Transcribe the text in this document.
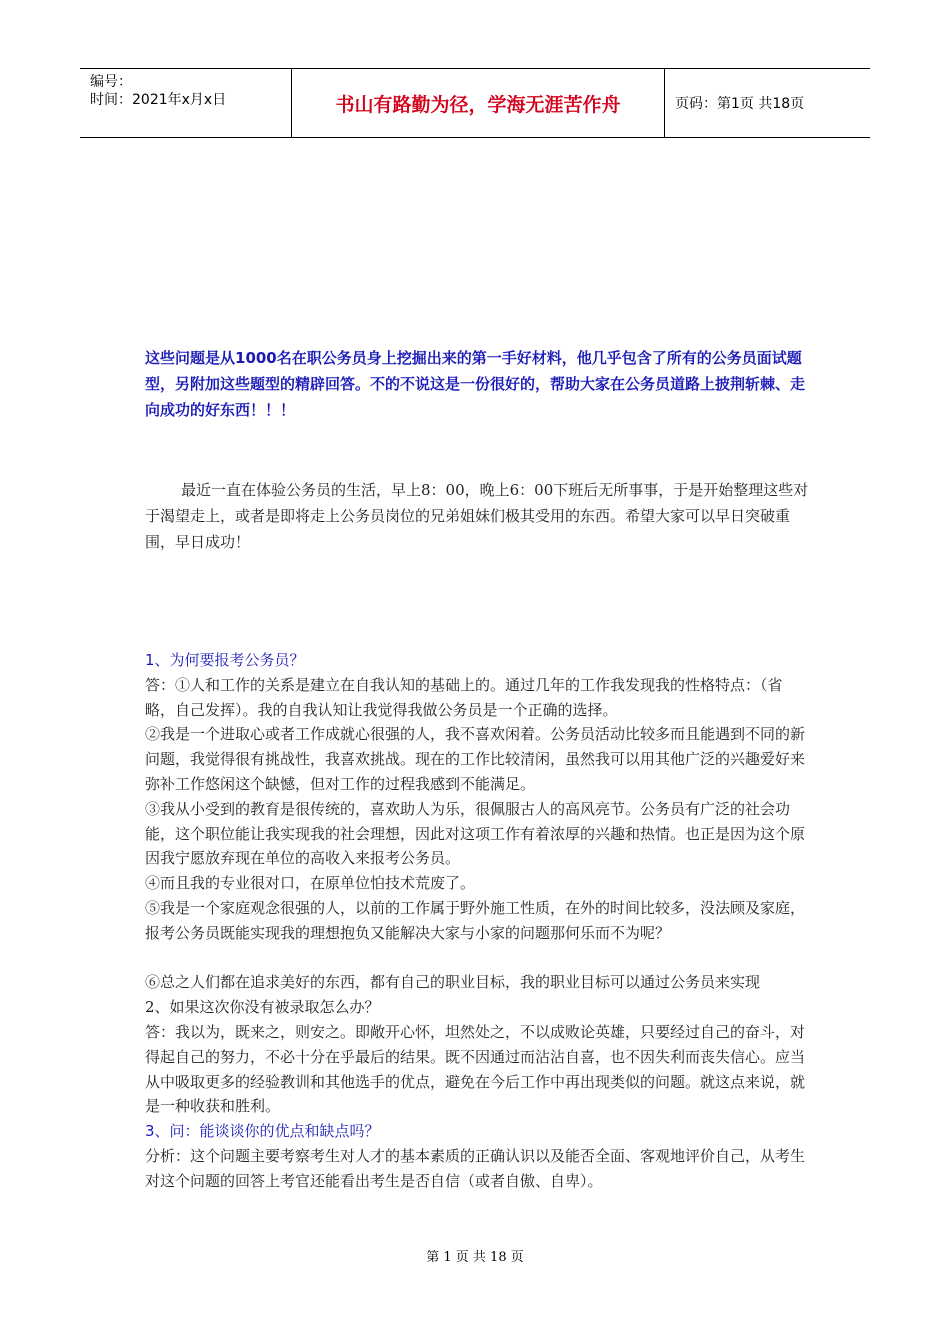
编号：
时间：2021年x月x日	书山有路勤为径，学海无涯苦作舟	页码：第1页 共18页
这些问题是从1000名在职公务员身上挖掘出来的第一手好材料，他几乎包含了所有的公务员面试题型，另附加这些题型的精辟回答。不的不说这是一份很好的，帮助大家在公务员道路上披荆斩棘、走向成功的好东西！！！
最近一直在体验公务员的生活，早上8：00，晚上6：00下班后无所事事，于是开始整理这些对于渴望走上，或者是即将走上公务员岗位的兄弟姐妹们极其受用的东西。希望大家可以早日突破重围，早日成功！

1、为何要报考公务员？

答：①人和工作的关系是建立在自我认知的基础上的。通过几年的工作我发现我的性格特点：（省略，自己发挥）。我的自我认知让我觉得我做公务员是一个正确的选择。

②我是一个进取心或者工作成就心很强的人，我不喜欢闲着。公务员活动比较多而且能遇到不同的新问题，我觉得很有挑战性，我喜欢挑战。现在的工作比较清闲，虽然我可以用其他广泛的兴趣爱好来弥补工作悠闲这个缺憾，但对工作的过程我感到不能满足。

③我从小受到的教育是很传统的，喜欢助人为乐，很佩服古人的高风亮节。公务员有广泛的社会功能，这个职位能让我实现我的社会理想，因此对这项工作有着浓厚的兴趣和热情。也正是因为这个原因我宁愿放弃现在单位的高收入来报考公务员。

④而且我的专业很对口，在原单位怕技术荒废了。

⑤我是一个家庭观念很强的人，以前的工作属于野外施工性质，在外的时间比较多，没法顾及家庭，报考公务员既能实现我的理想抱负又能解决大家与小家的问题那何乐而不为呢？

⑥总之人们都在追求美好的东西，都有自己的职业目标，我的职业目标可以通过公务员来实现

2、如果这次你没有被录取怎么办？

答：我以为，既来之，则安之。即敞开心怀，坦然处之，不以成败论英雄，只要经过自己的奋斗，对得起自己的努力，不必十分在乎最后的结果。既不因通过而沾沾自喜，也不因失利而丧失信心。应当从中吸取更多的经验教训和其他选手的优点，避免在今后工作中再出现类似的问题。就这点来说，就是一种收获和胜利。

3、问：能谈谈你的优点和缺点吗？

分析：这个问题主要考察考生对人才的基本素质的正确认识以及能否全面、客观地评价自己，从考生对这个问题的回答上考官还能看出考生是否自信（或者自傲、自卑）。

第 1 页 共 18 页
